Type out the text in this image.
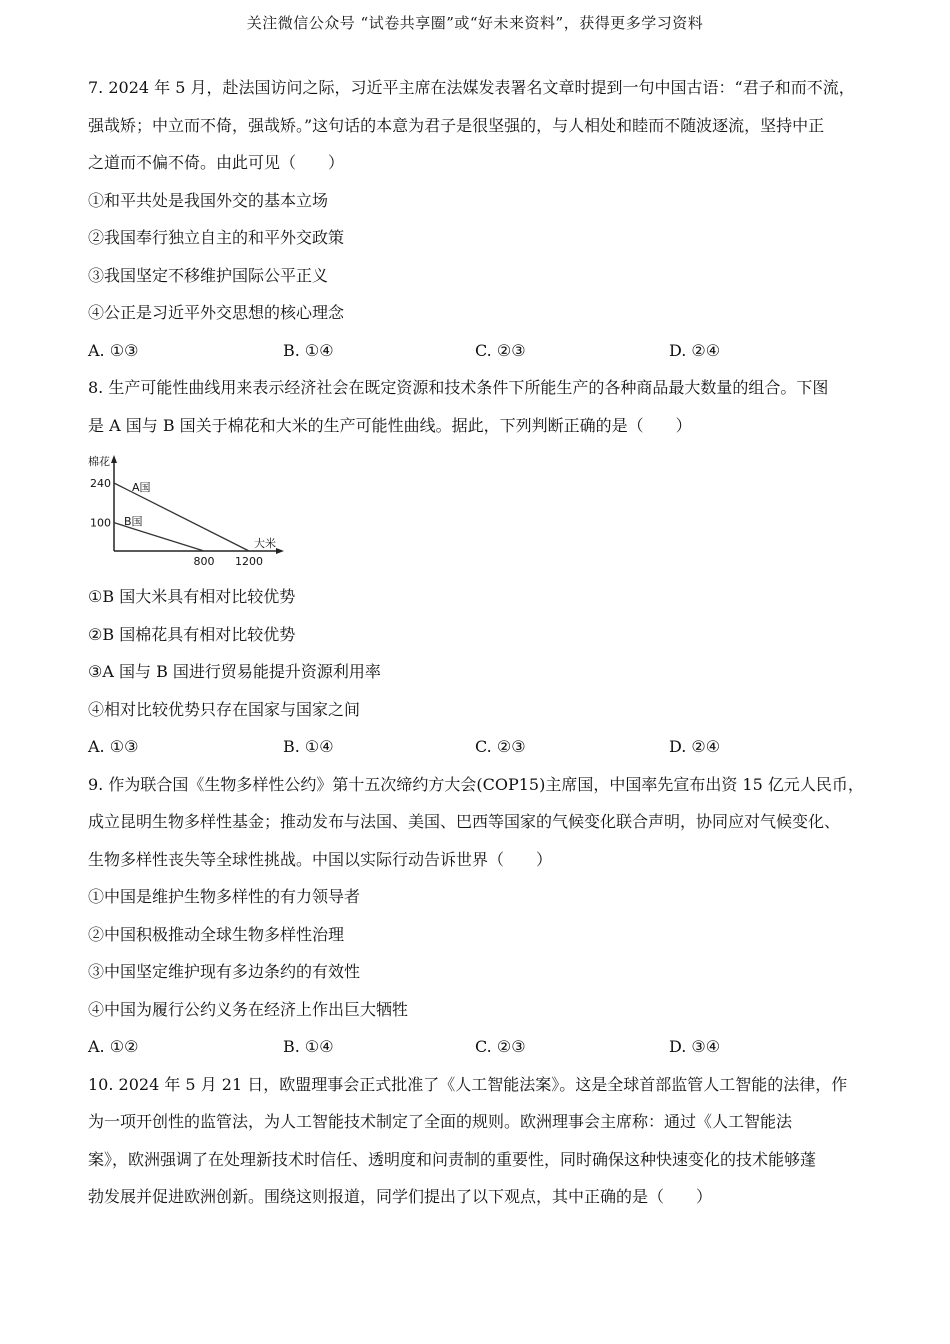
关注微信公众号 “试卷共享圈”或“好未来资料”，获得更多学习资料
7. 2024 年 5 月，赴法国访问之际，习近平主席在法媒发表署名文章时提到一句中国古语：“君子和而不流，
强哉矫；中立而不倚，强哉矫。”这句话的本意为君子是很坚强的，与人相处和睦而不随波逐流，坚持中正
之道而不偏不倚。由此可见（　　）
①和平共处是我国外交的基本立场
②我国奉行独立自主的和平外交政策
③我国坚定不移维护国际公平正义
④公正是习近平外交思想的核心理念
A. ①③	B. ①④	C. ②③	D. ②④
8. 生产可能性曲线用来表示经济社会在既定资源和技术条件下所能生产的各种商品最大数量的组合。下图
是 A 国与 B 国关于棉花和大米的生产可能性曲线。据此，下列判断正确的是（　　）
棉花
大米
A国
240
B国
100
800 1200
①B 国大米具有相对比较优势
②B 国棉花具有相对比较优势
③A 国与 B 国进行贸易能提升资源利用率
④相对比较优势只存在国家与国家之间
A. ①③	B. ①④	C. ②③	D. ②④
9. 作为联合国《生物多样性公约》第十五次缔约方大会(COP15)主席国，中国率先宣布出资 15 亿元人民币，
成立昆明生物多样性基金；推动发布与法国、美国、巴西等国家的气候变化联合声明，协同应对气候变化、
生物多样性丧失等全球性挑战。中国以实际行动告诉世界（　　）
①中国是维护生物多样性的有力领导者
②中国积极推动全球生物多样性治理
③中国坚定维护现有多边条约的有效性
④中国为履行公约义务在经济上作出巨大牺牲
A. ①②	B. ①④	C. ②③	D. ③④
10. 2024 年 5 月 21 日，欧盟理事会正式批准了《人工智能法案》。这是全球首部监管人工智能的法律，作
为一项开创性的监管法，为人工智能技术制定了全面的规则。欧洲理事会主席称：通过《人工智能法
案》，欧洲强调了在处理新技术时信任、透明度和问责制的重要性，同时确保这种快速变化的技术能够蓬
勃发展并促进欧洲创新。围绕这则报道，同学们提出了以下观点，其中正确的是（　　）
